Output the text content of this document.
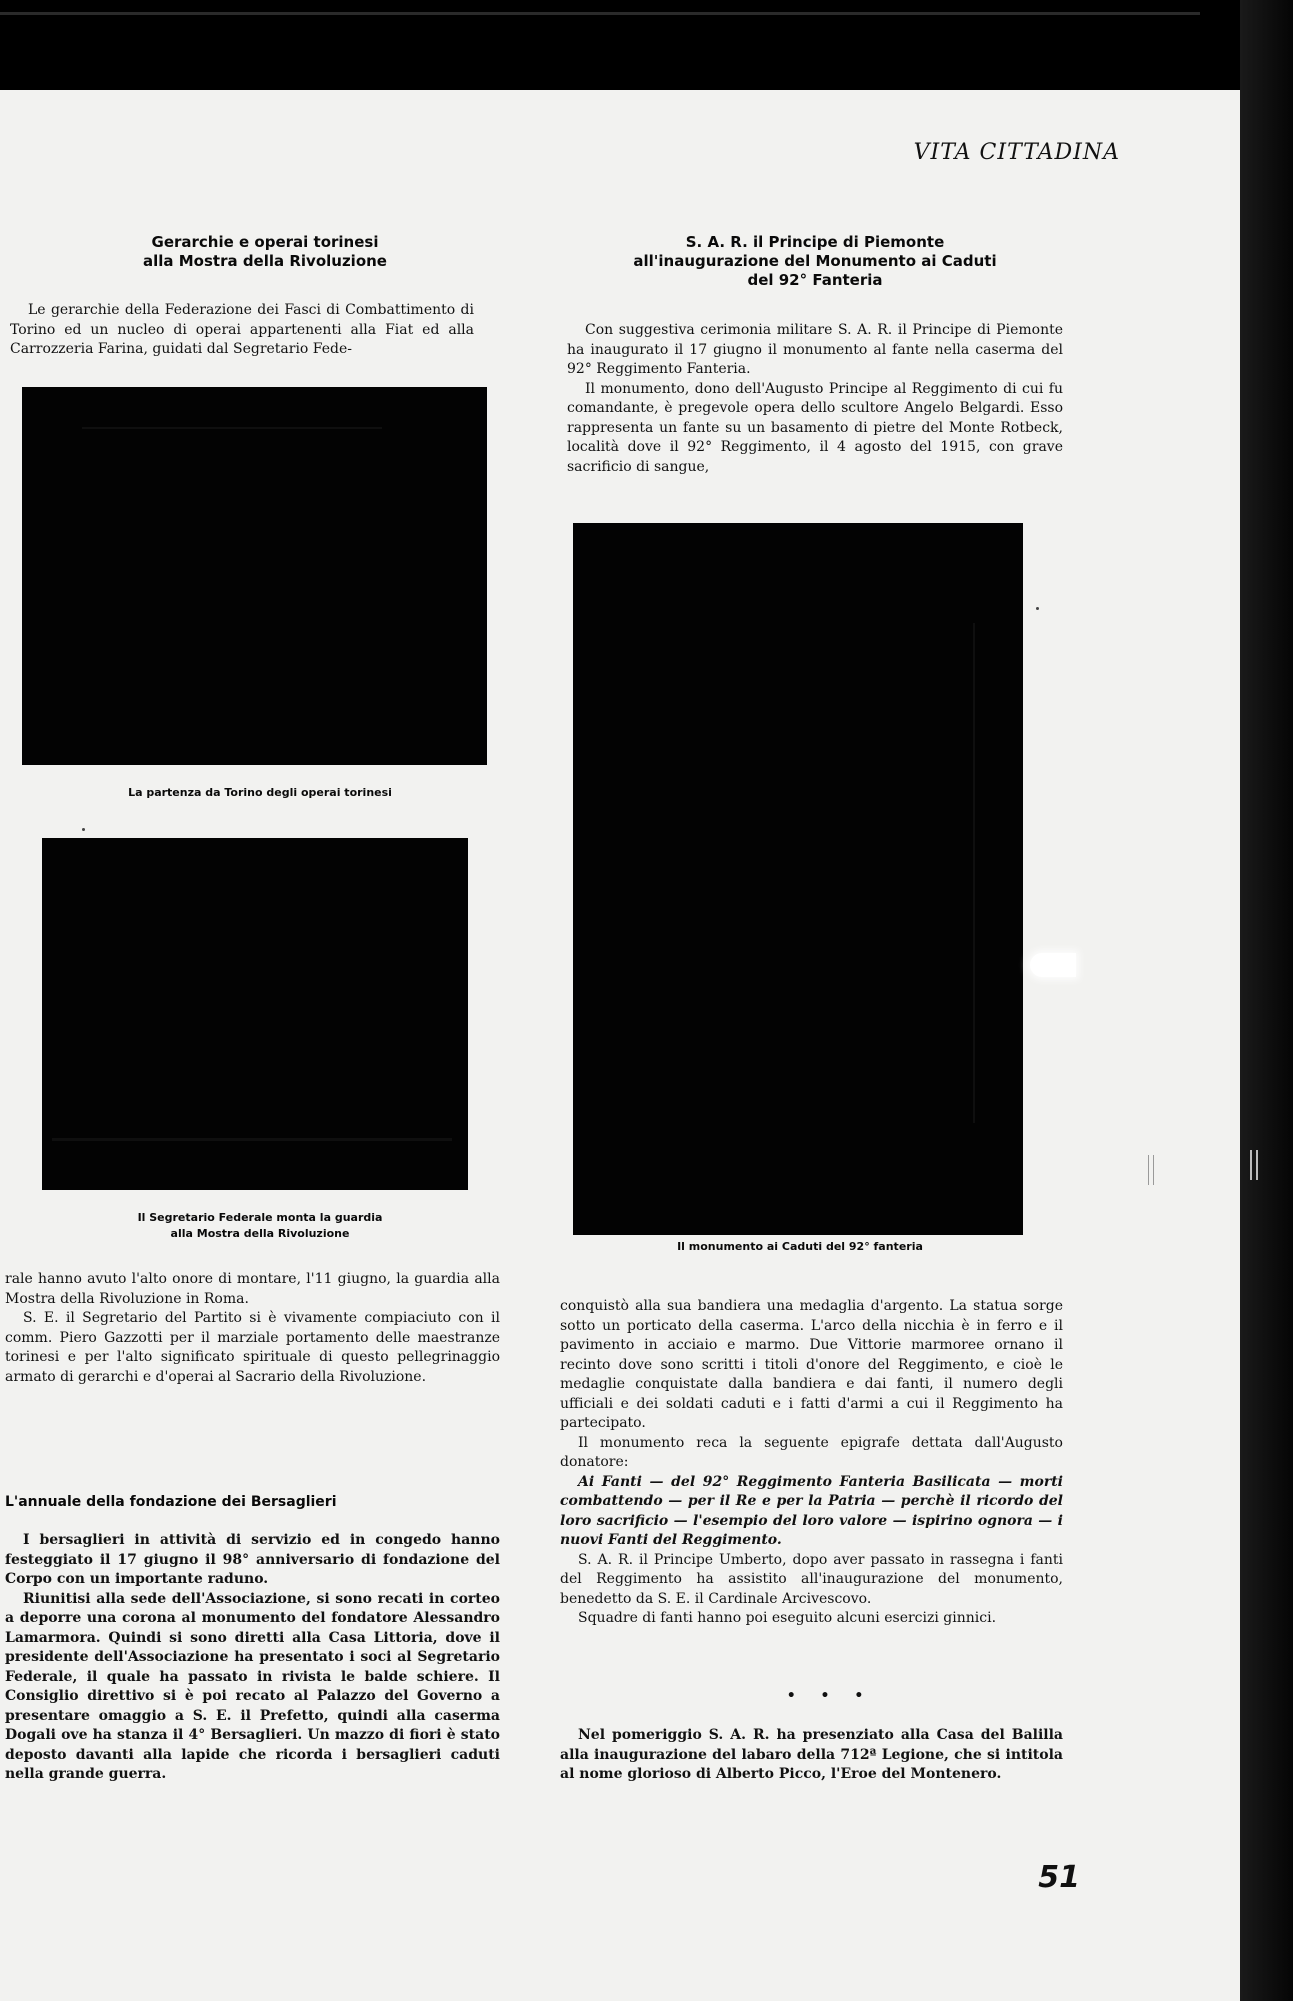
VITA CITTADINA
Gerarchie e operai torinesi
alla Mostra della Rivoluzione

Le gerarchie della Federazione dei Fasci di Combattimento di Torino ed un nucleo di operai appartenenti alla Fiat ed alla Carrozzeria Farina, guidati dal Segretario Fede-

La partenza da Torino degli operai torinesi
Il Segretario Federale monta la guardia
alla Mostra della Rivoluzione

rale hanno avuto l'alto onore di montare, l'11 giugno, la guardia alla Mostra della Rivoluzione in Roma.

S. E. il Segretario del Partito si è vivamente compiaciuto con il comm. Piero Gazzotti per il marziale portamento delle maestranze torinesi e per l'alto significato spirituale di questo pellegrinaggio armato di gerarchi e d'operai al Sacrario della Rivoluzione.

L'annuale della fondazione dei Bersaglieri

I bersaglieri in attività di servizio ed in congedo hanno festeggiato il 17 giugno il 98° anniversario di fondazione del Corpo con un importante raduno.

Riunitisi alla sede dell'Associazione, si sono recati in corteo a deporre una corona al monumento del fondatore Alessandro Lamarmora. Quindi si sono diretti alla Casa Littoria, dove il presidente dell'Associazione ha presentato i soci al Segretario Federale, il quale ha passato in rivista le balde schiere. Il Consiglio direttivo si è poi recato al Palazzo del Governo a presentare omaggio a S. E. il Prefetto, quindi alla caserma Dogali ove ha stanza il 4° Bersaglieri. Un mazzo di fiori è stato deposto davanti alla lapide che ricorda i bersaglieri caduti nella grande guerra.

S. A. R. il Principe di Piemonte
all'inaugurazione del Monumento ai Caduti
del 92° Fanteria

Con suggestiva cerimonia militare S. A. R. il Principe di Piemonte ha inaugurato il 17 giugno il monumento al fante nella caserma del 92° Reggimento Fanteria.

Il monumento, dono dell'Augusto Principe al Reggimento di cui fu comandante, è pregevole opera dello scultore Angelo Belgardi. Esso rappresenta un fante su un basamento di pietre del Monte Rotbeck, località dove il 92° Reggimento, il 4 agosto del 1915, con grave sacrificio di sangue,

Il monumento ai Caduti del 92° fanteria

conquistò alla sua bandiera una medaglia d'argento. La statua sorge sotto un porticato della caserma. L'arco della nicchia è in ferro e il pavimento in acciaio e marmo. Due Vittorie marmoree ornano il recinto dove sono scritti i titoli d'onore del Reggimento, e cioè le medaglie conquistate dalla bandiera e dai fanti, il numero degli ufficiali e dei soldati caduti e i fatti d'armi a cui il Reggimento ha partecipato.

Il monumento reca la seguente epigrafe dettata dall'Augusto donatore:

Ai Fanti — del 92° Reggimento Fanteria Basilicata — morti combattendo — per il Re e per la Patria — perchè il ricordo del loro sacrificio — l'esempio del loro valore — ispirino ognora — i nuovi Fanti del Reggimento.

S. A. R. il Principe Umberto, dopo aver passato in rassegna i fanti del Reggimento ha assistito all'inaugurazione del monumento, benedetto da S. E. il Cardinale Arcivescovo.

Squadre di fanti hanno poi eseguito alcuni esercizi ginnici.

• • •

Nel pomeriggio S. A. R. ha presenziato alla Casa del Balilla alla inaugurazione del labaro della 712ª Legione, che si intitola al nome glorioso di Alberto Picco, l'Eroe del Montenero.

51
